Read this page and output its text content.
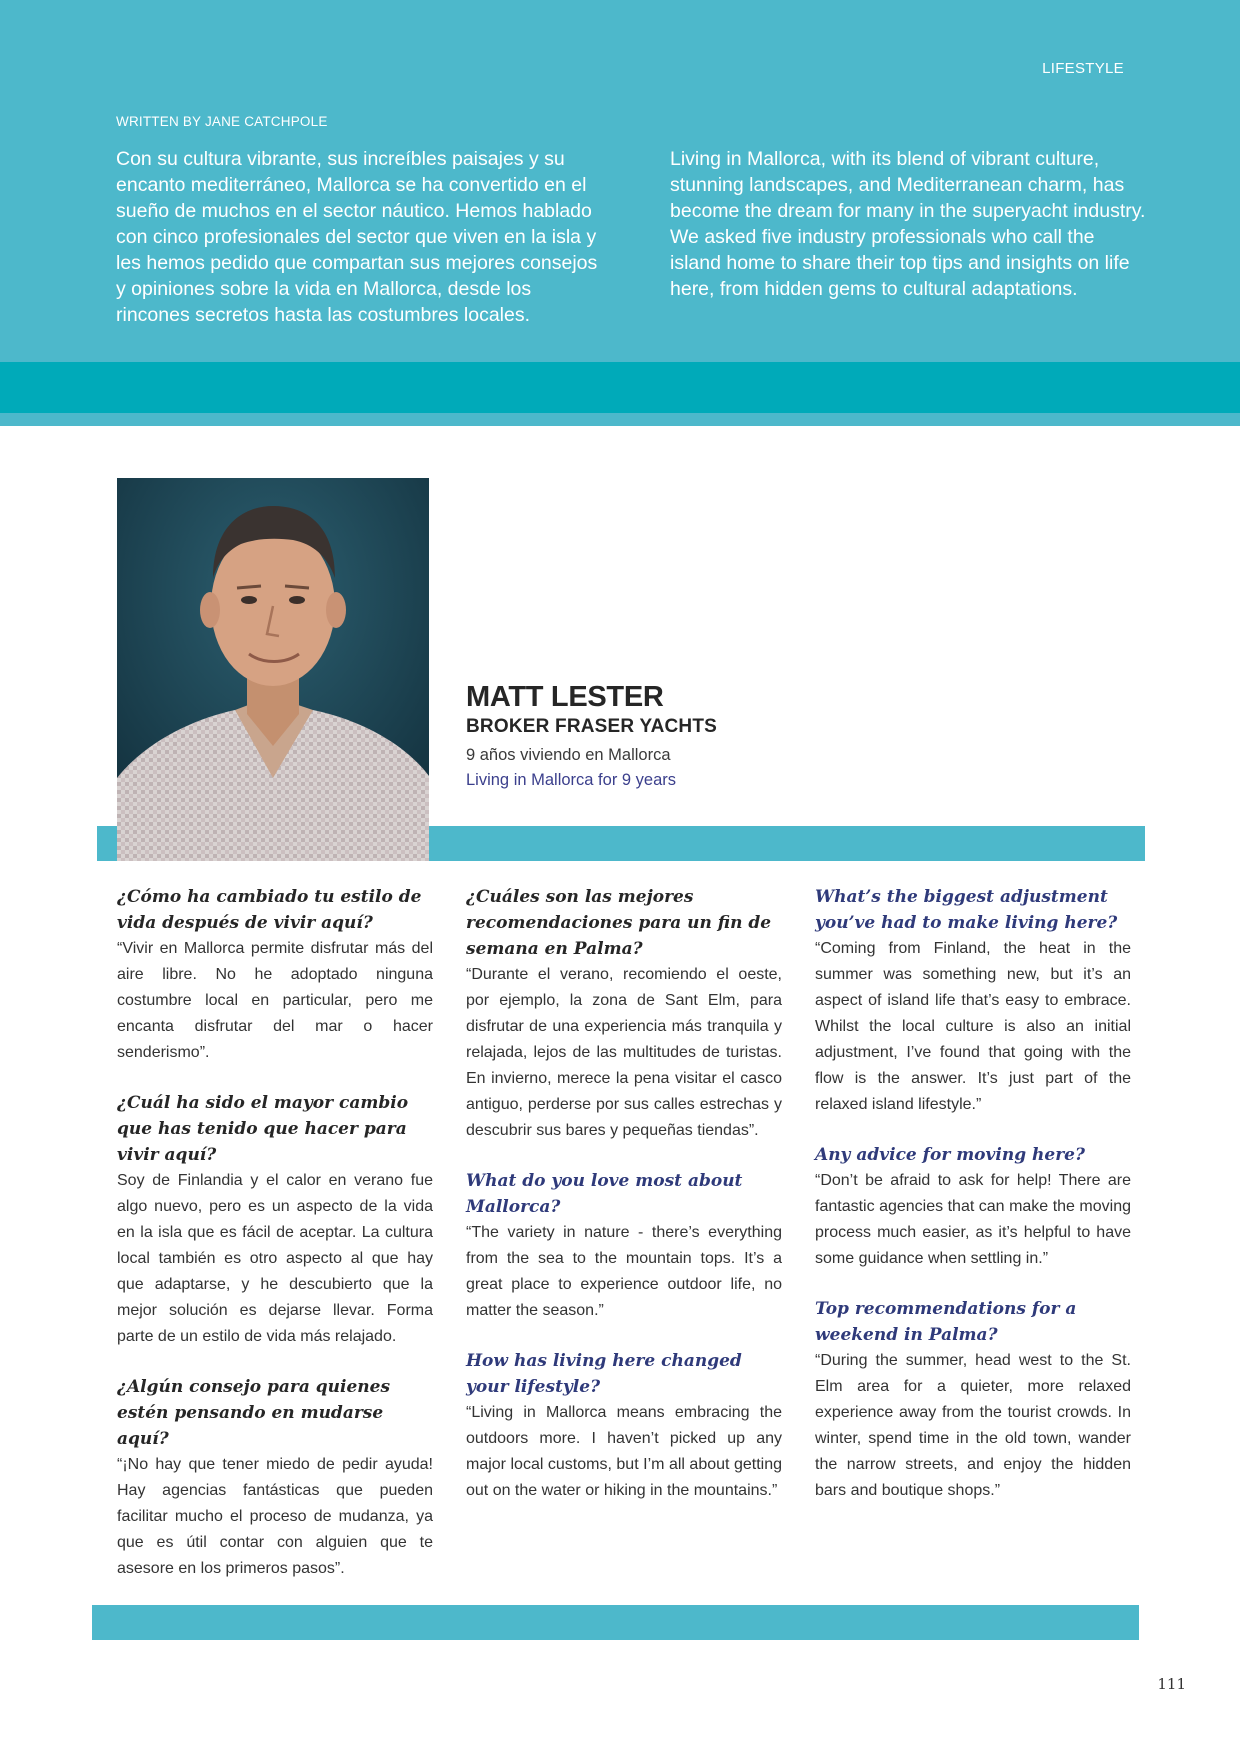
LIFESTYLE
WRITTEN BY JANE CATCHPOLE

Con su cultura vibrante, sus increíbles paisajes y su encanto mediterráneo, Mallorca se ha convertido en el sueño de muchos en el sector náutico. Hemos hablado con cinco profesionales del sector que viven en la isla y les hemos pedido que compartan sus mejores consejos y opiniones sobre la vida en Mallorca, desde los rincones secretos hasta las costumbres locales.

Living in Mallorca, with its blend of vibrant culture, stunning landscapes, and Mediterranean charm, has become the dream for many in the superyacht industry. We asked five industry professionals who call the island home to share their top tips and insights on life here, from hidden gems to cultural adaptations.

MATT LESTER
BROKER FRASER YACHTS

9 años viviendo en Mallorca

Living in Mallorca for 9 years

¿Cómo ha cambiado tu estilo de vida después de vivir aquí?

“Vivir en Mallorca permite disfrutar más del aire libre. No he adoptado ninguna costumbre local en particular, pero me encanta disfrutar del mar o hacer senderismo”.

¿Cuál ha sido el mayor cambio que has tenido que hacer para vivir aquí?

Soy de Finlandia y el calor en verano fue algo nuevo, pero es un aspecto de la vida en la isla que es fácil de aceptar. La cultura local también es otro aspecto al que hay que adaptarse, y he descubierto que la mejor solución es dejarse llevar. Forma parte de un estilo de vida más relajado.

¿Algún consejo para quienes estén pensando en mudarse aquí?

“¡No hay que tener miedo de pedir ayuda! Hay agencias fantásticas que pueden facilitar mucho el proceso de mudanza, ya que es útil contar con alguien que te asesore en los primeros pasos”.

¿Cuáles son las mejores recomendaciones para un fin de semana en Palma?

“Durante el verano, recomiendo el oeste, por ejemplo, la zona de Sant Elm, para disfrutar de una experiencia más tranquila y relajada, lejos de las multitudes de turistas. En invierno, merece la pena visitar el casco antiguo, perderse por sus calles estrechas y descubrir sus bares y pequeñas tiendas”.

What do you love most about Mallorca?

“The variety in nature - there’s everything from the sea to the mountain tops. It’s a great place to experience outdoor life, no matter the season.”

How has living here changed your lifestyle?

“Living in Mallorca means embracing the outdoors more. I haven’t picked up any major local customs, but I’m all about getting out on the water or hiking in the mountains.”

What’s the biggest adjustment you’ve had to make living here?

“Coming from Finland, the heat in the summer was something new, but it’s an aspect of island life that’s easy to embrace. Whilst the local culture is also an initial adjustment, I’ve found that going with the flow is the answer. It’s just part of the relaxed island lifestyle.”

Any advice for moving here?

“Don’t be afraid to ask for help! There are fantastic agencies that can make the moving process much easier, as it’s helpful to have some guidance when settling in.”

Top recommendations for a weekend in Palma?

“During the summer, head west to the St. Elm area for a quieter, more relaxed experience away from the tourist crowds. In winter, spend time in the old town, wander the narrow streets, and enjoy the hidden bars and boutique shops.”

111
